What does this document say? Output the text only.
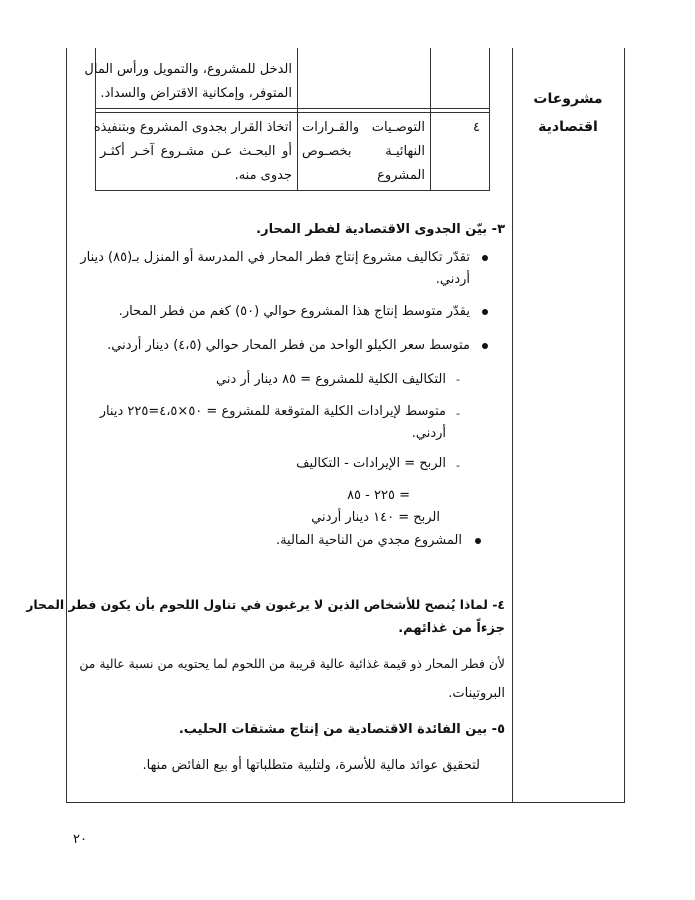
مشروعات
اقتصادية
الدخل للمشروع، والتمويل ورأس المال
المتوفر، وإمكانية الاقتراض والسداد.
٤
التوصـيات والقـرارات
النهائيـة بخصـوص
المشروع
اتخاذ القرار بجدوى المشروع وبتنفيذه
أو البحـث عـن مشـروع آخـر أكثـر
جدوى منه.
٣- بيّن الجدوى الاقتصادية لفطر المحار.
تقدّر تكاليف مشروع إنتاج فطر المحار في المدرسة أو المنزل بـ(٨٥) دينار
أردني.
يقدّر متوسط إنتاج هذا المشروع حوالي (٥٠) كغم من فطر المحار.
متوسط سعر الكيلو الواحد من فطر المحار حوالي (٤،٥) دينار أردني.
-
التكاليف الكلية للمشروع = ٨٥ دينار أر دني
-
متوسط لإيرادات الكلية المتوقعة للمشروع = ٥٠×٤،٥=٢٢٥ دينار
أردني.
-
الربح = الإيرادات - التكاليف
= ٢٢٥ - ٨٥
الربح = ١٤٠ دينار أردني
المشروع مجدي من الناحية المالية.
٤- لماذا يُنصح للأشخاص الذين لا يرغبون في تناول اللحوم بأن يكون فطر المحار
جزءاً من غذائهم.
لأن فطر المحار ذو قيمة غذائية عالية قريبة من اللحوم لما يحتويه من نسبة عالية من
البروتينات.
٥- بين الفائدة الاقتصادية من إنتاج مشتقات الحليب.
لتحقيق عوائد مالية للأسرة، ولتلبية متطلباتها أو بيع الفائض منها.
٢٠
